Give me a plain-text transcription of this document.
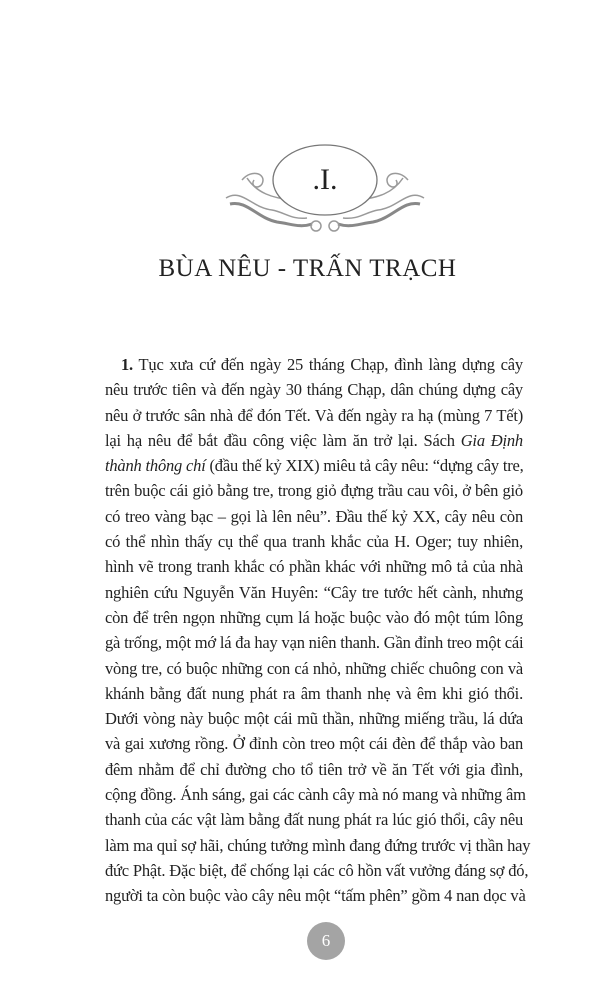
.I.
BÙA NÊU - TRẤN TRẠCH
1. Tục xưa cứ đến ngày 25 tháng Chạp, đình làng dựng cây
nêu trước tiên và đến ngày 30 tháng Chạp, dân chúng dựng cây
nêu ở trước sân nhà để đón Tết. Và đến ngày ra hạ (mùng 7 Tết)
lại hạ nêu để bắt đầu công việc làm ăn trở lại. Sách Gia Định
thành thông chí (đầu thế kỷ XIX) miêu tả cây nêu: “dựng cây tre,
trên buộc cái giỏ bằng tre, trong giỏ đựng trầu cau vôi, ở bên giỏ
có treo vàng bạc – gọi là lên nêu”. Đầu thế kỷ XX, cây nêu còn
có thể nhìn thấy cụ thể qua tranh khắc của H. Oger; tuy nhiên,
hình vẽ trong tranh khắc có phần khác với những mô tả của nhà
nghiên cứu Nguyễn Văn Huyên: “Cây tre tước hết cành, nhưng
còn để trên ngọn những cụm lá hoặc buộc vào đó một túm lông
gà trống, một mớ lá đa hay vạn niên thanh. Gần đỉnh treo một cái
vòng tre, có buộc những con cá nhỏ, những chiếc chuông con và
khánh bằng đất nung phát ra âm thanh nhẹ và êm khi gió thổi.
Dưới vòng này buộc một cái mũ thần, những miếng trầu, lá dứa
và gai xương rồng. Ở đỉnh còn treo một cái đèn để thắp vào ban
đêm nhằm để chỉ đường cho tổ tiên trở về ăn Tết với gia đình,
cộng đồng. Ánh sáng, gai các cành cây mà nó mang và những âm
thanh của các vật làm bằng đất nung phát ra lúc gió thổi, cây nêu
làm ma quỉ sợ hãi, chúng tưởng mình đang đứng trước vị thần hay
đức Phật. Đặc biệt, để chống lại các cô hồn vất vưởng đáng sợ đó,
người ta còn buộc vào cây nêu một “tấm phên” gồm 4 nan dọc và
6
